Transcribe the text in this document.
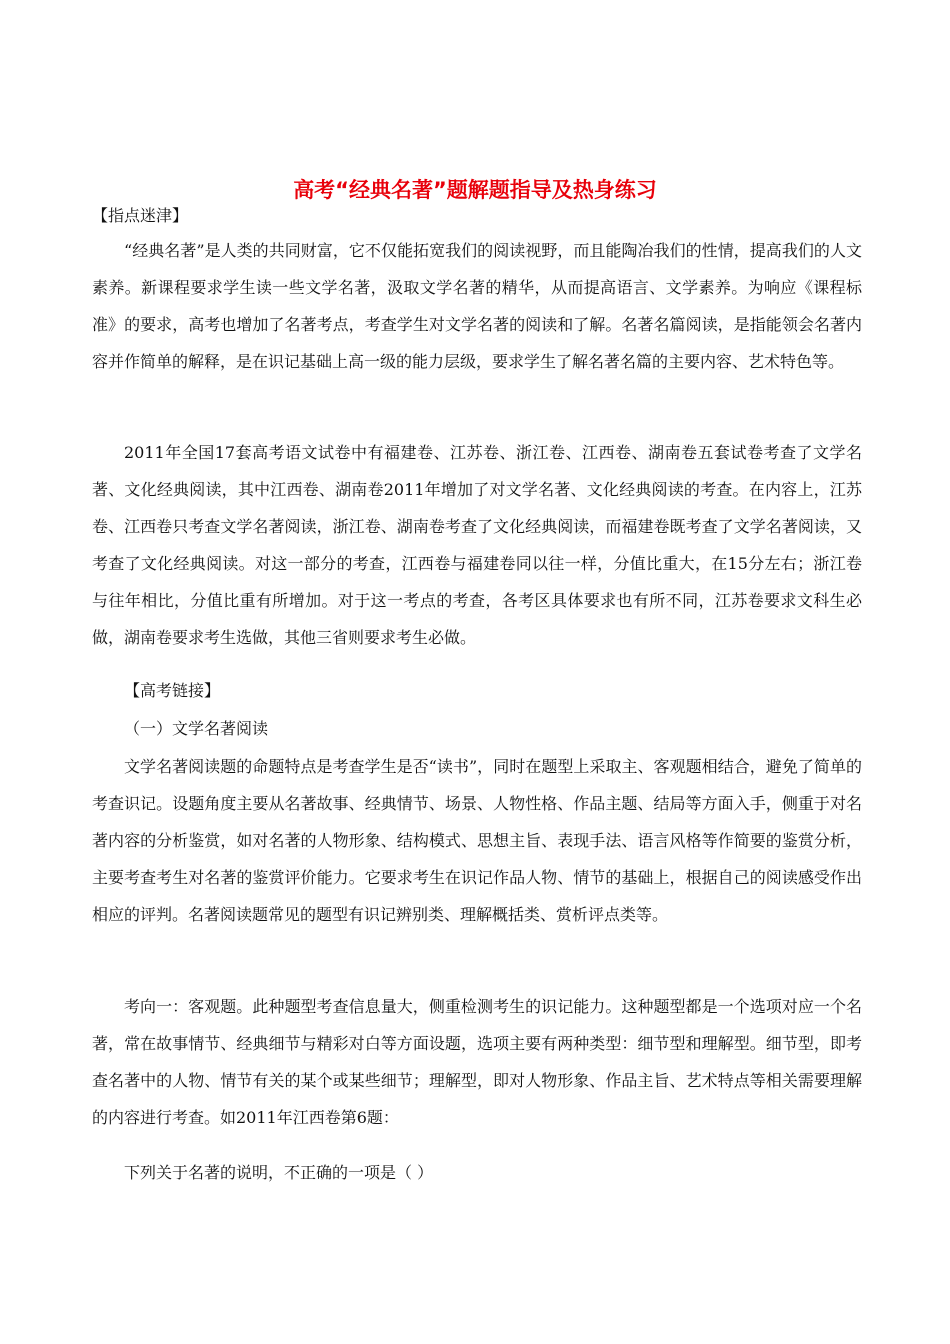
高考“经典名著”题解题指导及热身练习
【指点迷津】
“经典名著”是人类的共同财富，它不仅能拓宽我们的阅读视野，而且能陶冶我们的性情，提高我们的人文素养。新课程要求学生读一些文学名著，汲取文学名著的精华，从而提高语言、文学素养。为响应《课程标准》的要求，高考也增加了名著考点，考查学生对文学名著的阅读和了解。名著名篇阅读，是指能领会名著内容并作简单的解释，是在识记基础上高一级的能力层级，要求学生了解名著名篇的主要内容、艺术特色等。
2011年全国17套高考语文试卷中有福建卷、江苏卷、浙江卷、江西卷、湖南卷五套试卷考查了文学名著、文化经典阅读，其中江西卷、湖南卷2011年增加了对文学名著、文化经典阅读的考查。在内容上，江苏卷、江西卷只考查文学名著阅读，浙江卷、湖南卷考查了文化经典阅读，而福建卷既考查了文学名著阅读，又考查了文化经典阅读。对这一部分的考查，江西卷与福建卷同以往一样，分值比重大，在15分左右；浙江卷与往年相比，分值比重有所增加。对于这一考点的考查，各考区具体要求也有所不同，江苏卷要求文科生必做，湖南卷要求考生选做，其他三省则要求考生必做。
【高考链接】
（一）文学名著阅读
文学名著阅读题的命题特点是考查学生是否“读书”，同时在题型上采取主、客观题相结合，避免了简单的考查识记。设题角度主要从名著故事、经典情节、场景、人物性格、作品主题、结局等方面入手，侧重于对名著内容的分析鉴赏，如对名著的人物形象、结构模式、思想主旨、表现手法、语言风格等作简要的鉴赏分析，主要考查考生对名著的鉴赏评价能力。它要求考生在识记作品人物、情节的基础上，根据自己的阅读感受作出相应的评判。名著阅读题常见的题型有识记辨别类、理解概括类、赏析评点类等。
考向一：客观题。此种题型考查信息量大，侧重检测考生的识记能力。这种题型都是一个选项对应一个名著，常在故事情节、经典细节与精彩对白等方面设题，选项主要有两种类型：细节型和理解型。细节型，即考查名著中的人物、情节有关的某个或某些细节；理解型，即对人物形象、作品主旨、艺术特点等相关需要理解的内容进行考查。如2011年江西卷第6题：
下列关于名著的说明，不正确的一项是（ ）
